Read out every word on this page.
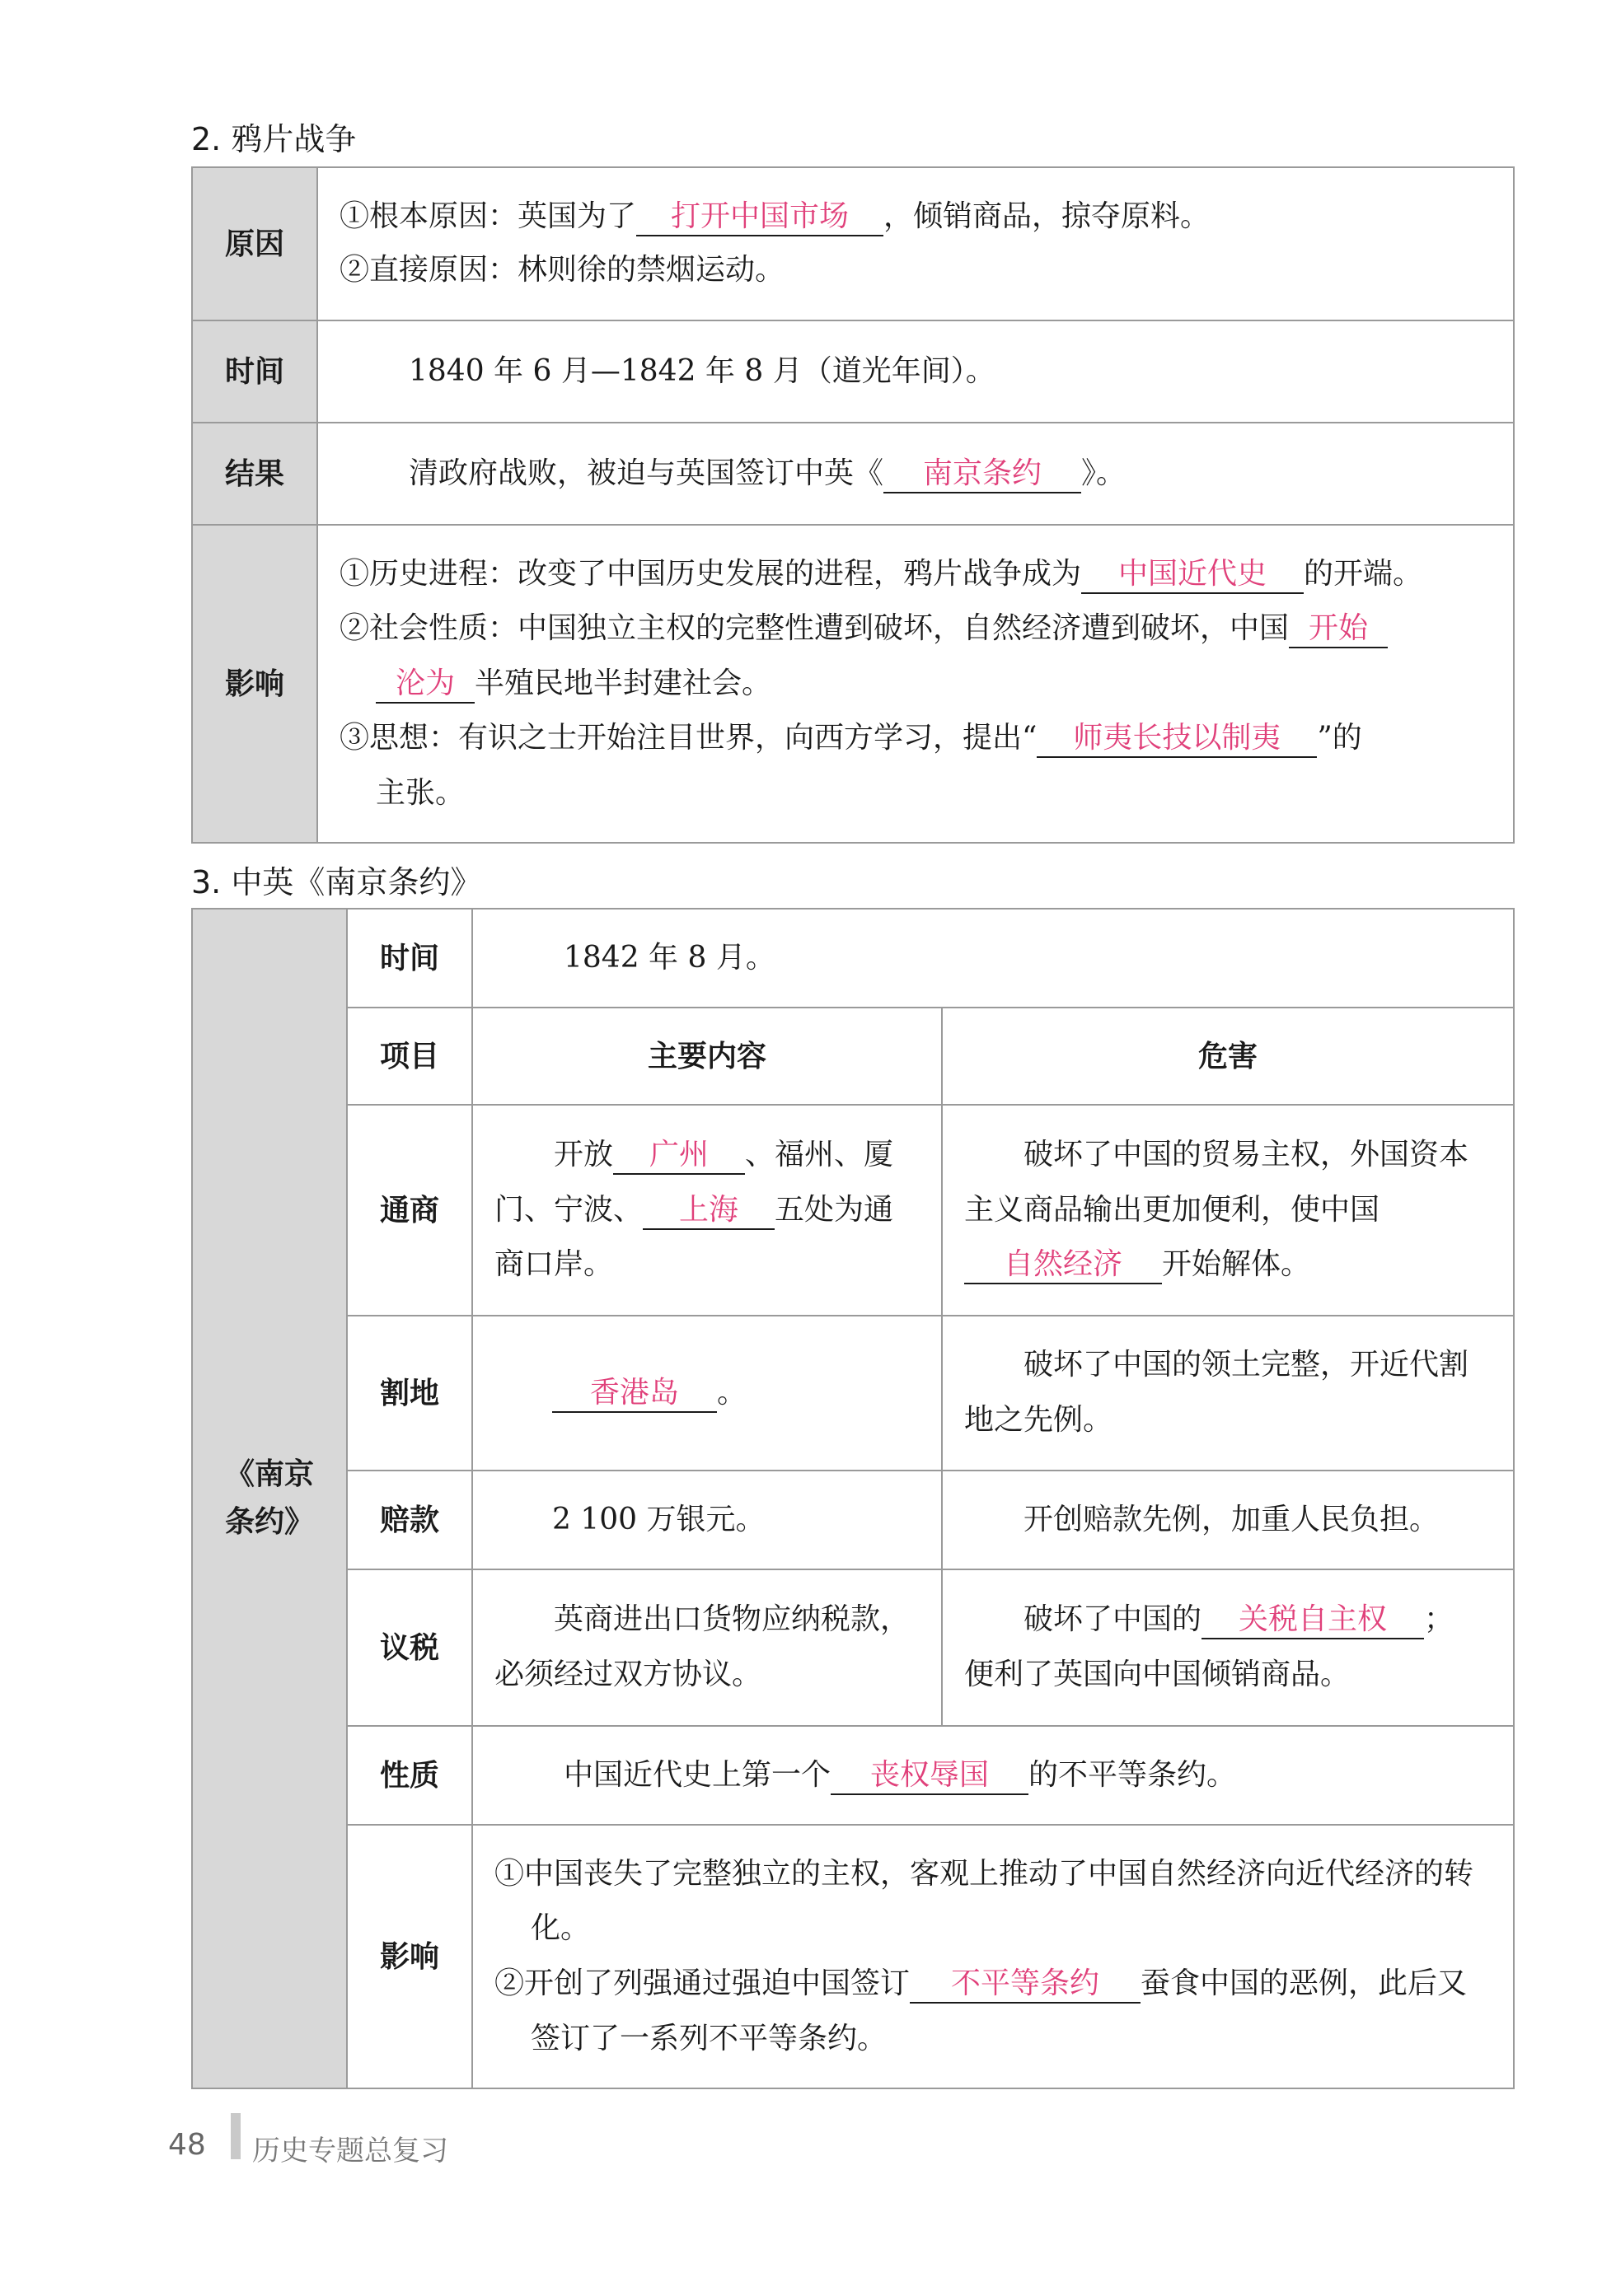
2. 鸦片战争
原因	①根本原因：英国为了 打开中国市场 ，倾销商品，掠夺原料。

②直接原因：林则徐的禁烟运动。

时间	1840 年 6 月—1842 年 8 月（道光年间）。
结果	清政府战败，被迫与英国签订中英《 南京条约 》。
影响	①历史进程：改变了中国历史发展的进程，鸦片战争成为 中国近代史 的开端。

②社会性质：中国独立主权的完整性遭到破坏，自然经济遭到破坏，中国 开始

沦为 半殖民地半封建社会。

③思想：有识之士开始注目世界，向西方学习，提出“ 师夷长技以制夷 ”的

主张。

3. 中英《南京条约》
《南京
条约》	时间	1842 年 8 月。	
	项目	主要内容	危害
	通商	开放 广州 、福州、厦门、宁波、 上海 五处为通商口岸。	破坏了中国的贸易主权，外国资本主义商品输出更加便利，使中国自然经济 开始解体。
	割地	香港岛 。	破坏了中国的领土完整，开近代割地之先例。
	赔款	2 100 万银元。	开创赔款先例，加重人民负担。
	议税	英商进出口货物应纳税款，必须经过双方协议。	破坏了中国的 关税自主权 ；

便利了英国向中国倾销商品。

	性质	中国近代史上第一个 丧权辱国 的不平等条约。	
	影响	①中国丧失了完整独立的主权，客观上推动了中国自然经济向近代经济的转化。

②开创了列强通过强迫中国签订 不平等条约 蚕食中国的恶例，此后又签订了一系列不平等条约。	

48 历史专题总复习
